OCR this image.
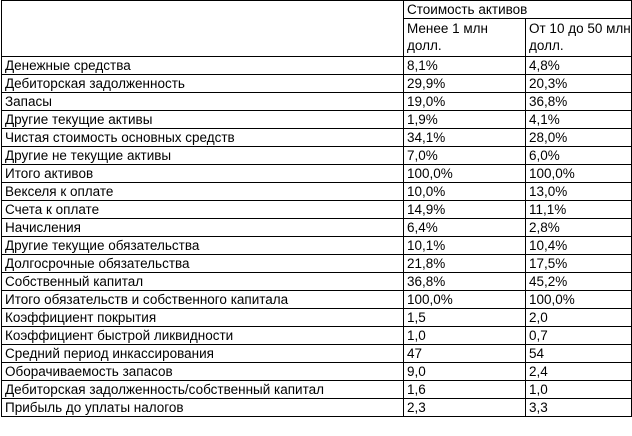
	Стоимость активов	
	Менее 1 млн долл.	От 10 до 50 млн долл.
Денежные средства	8,1%	4,8%
Дебиторская задолженность	29,9%	20,3%
Запасы	19,0%	36,8%
Другие текущие активы	1,9%	4,1%
Чистая стоимость основных средств	34,1%	28,0%
Другие не текущие активы	7,0%	6,0%
Итого активов	100,0%	100,0%
Векселя к оплате	10,0%	13,0%
Счета к оплате	14,9%	11,1%
Начисления	6,4%	2,8%
Другие текущие обязательства	10,1%	10,4%
Долгосрочные обязательства	21,8%	17,5%
Собственный капитал	36,8%	45,2%
Итого обязательств и собственного капитала	100,0%	100,0%
Коэффициент покрытия	1,5	2,0
Коэффициент быстрой ликвидности	1,0	0,7
Средний период инкассирования	47	54
Оборачиваемость запасов	9,0	2,4
Дебиторская задолженность/собственный капитал	1,6	1,0
Прибыль до уплаты налогов	2,3	3,3
